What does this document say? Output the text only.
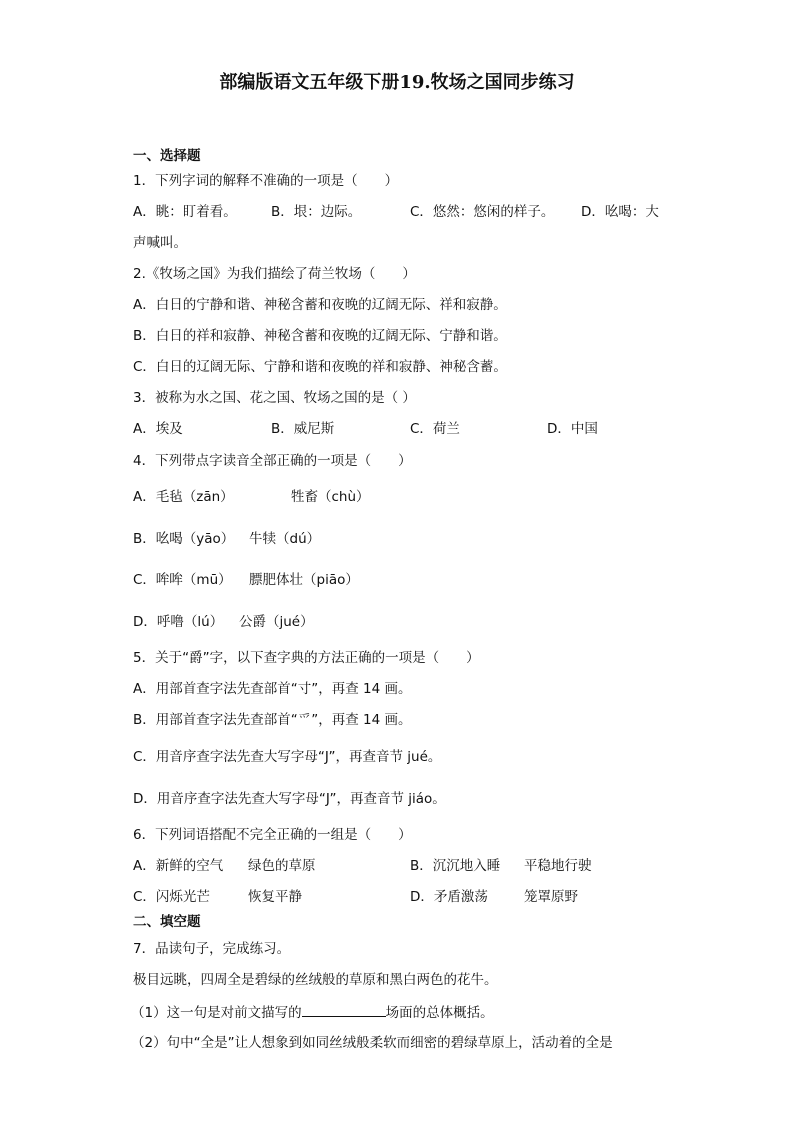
部编版语文五年级下册19.牧场之国同步练习
一、选择题
1．下列字词的解释不准确的一项是（　　）
A．眺：盯着看。	B．垠：边际。	C．悠然：悠闲的样子。 D．吆喝：大
声喊叫。
2.《牧场之国》为我们描绘了荷兰牧场（　　）
A．白日的宁静和谐、神秘含蓄和夜晚的辽阔无际、祥和寂静。
B．白日的祥和寂静、神秘含蓄和夜晚的辽阔无际、宁静和谐。
C．白日的辽阔无际、宁静和谐和夜晚的祥和寂静、神秘含蓄。
3．被称为水之国、花之国、牧场之国的是（ ）
A．埃及	B．威尼斯	C．荷兰	D．中国
4．下列带点字读音全部正确的一项是（　　）
A．毛毡（zān）	牲畜（chù）
B．吆喝（yāo） 牛犊（dú）
C．哞哞（mū） 膘肥体壮（piāo）
D．呼噜（lú） 公爵（jué）
5．关于“爵”字，以下查字典的方法正确的一项是（　　）
A．用部首查字法先查部首“寸”，再查 14 画。
B．用部首查字法先查部首“爫”，再查 14 画。
C．用音序查字法先查大写字母“J”，再查音节 jué。
D．用音序查字法先查大写字母“J”，再查音节 jiáo。
6．下列词语搭配不完全正确的一组是（　　）
A．新鲜的空气 绿色的草原	B．沉沉地入睡 平稳地行驶
C．闪烁光芒	恢复平静	D．矛盾激荡	笼罩原野
二、填空题
7．品读句子，完成练习。
极目远眺，四周全是碧绿的丝绒般的草原和黑白两色的花牛。
（1）这一句是对前文描写的	场面的总体概括。
（2）句中“全是”让人想象到如同丝绒般柔软而细密的碧绿草原上，活动着的全是
